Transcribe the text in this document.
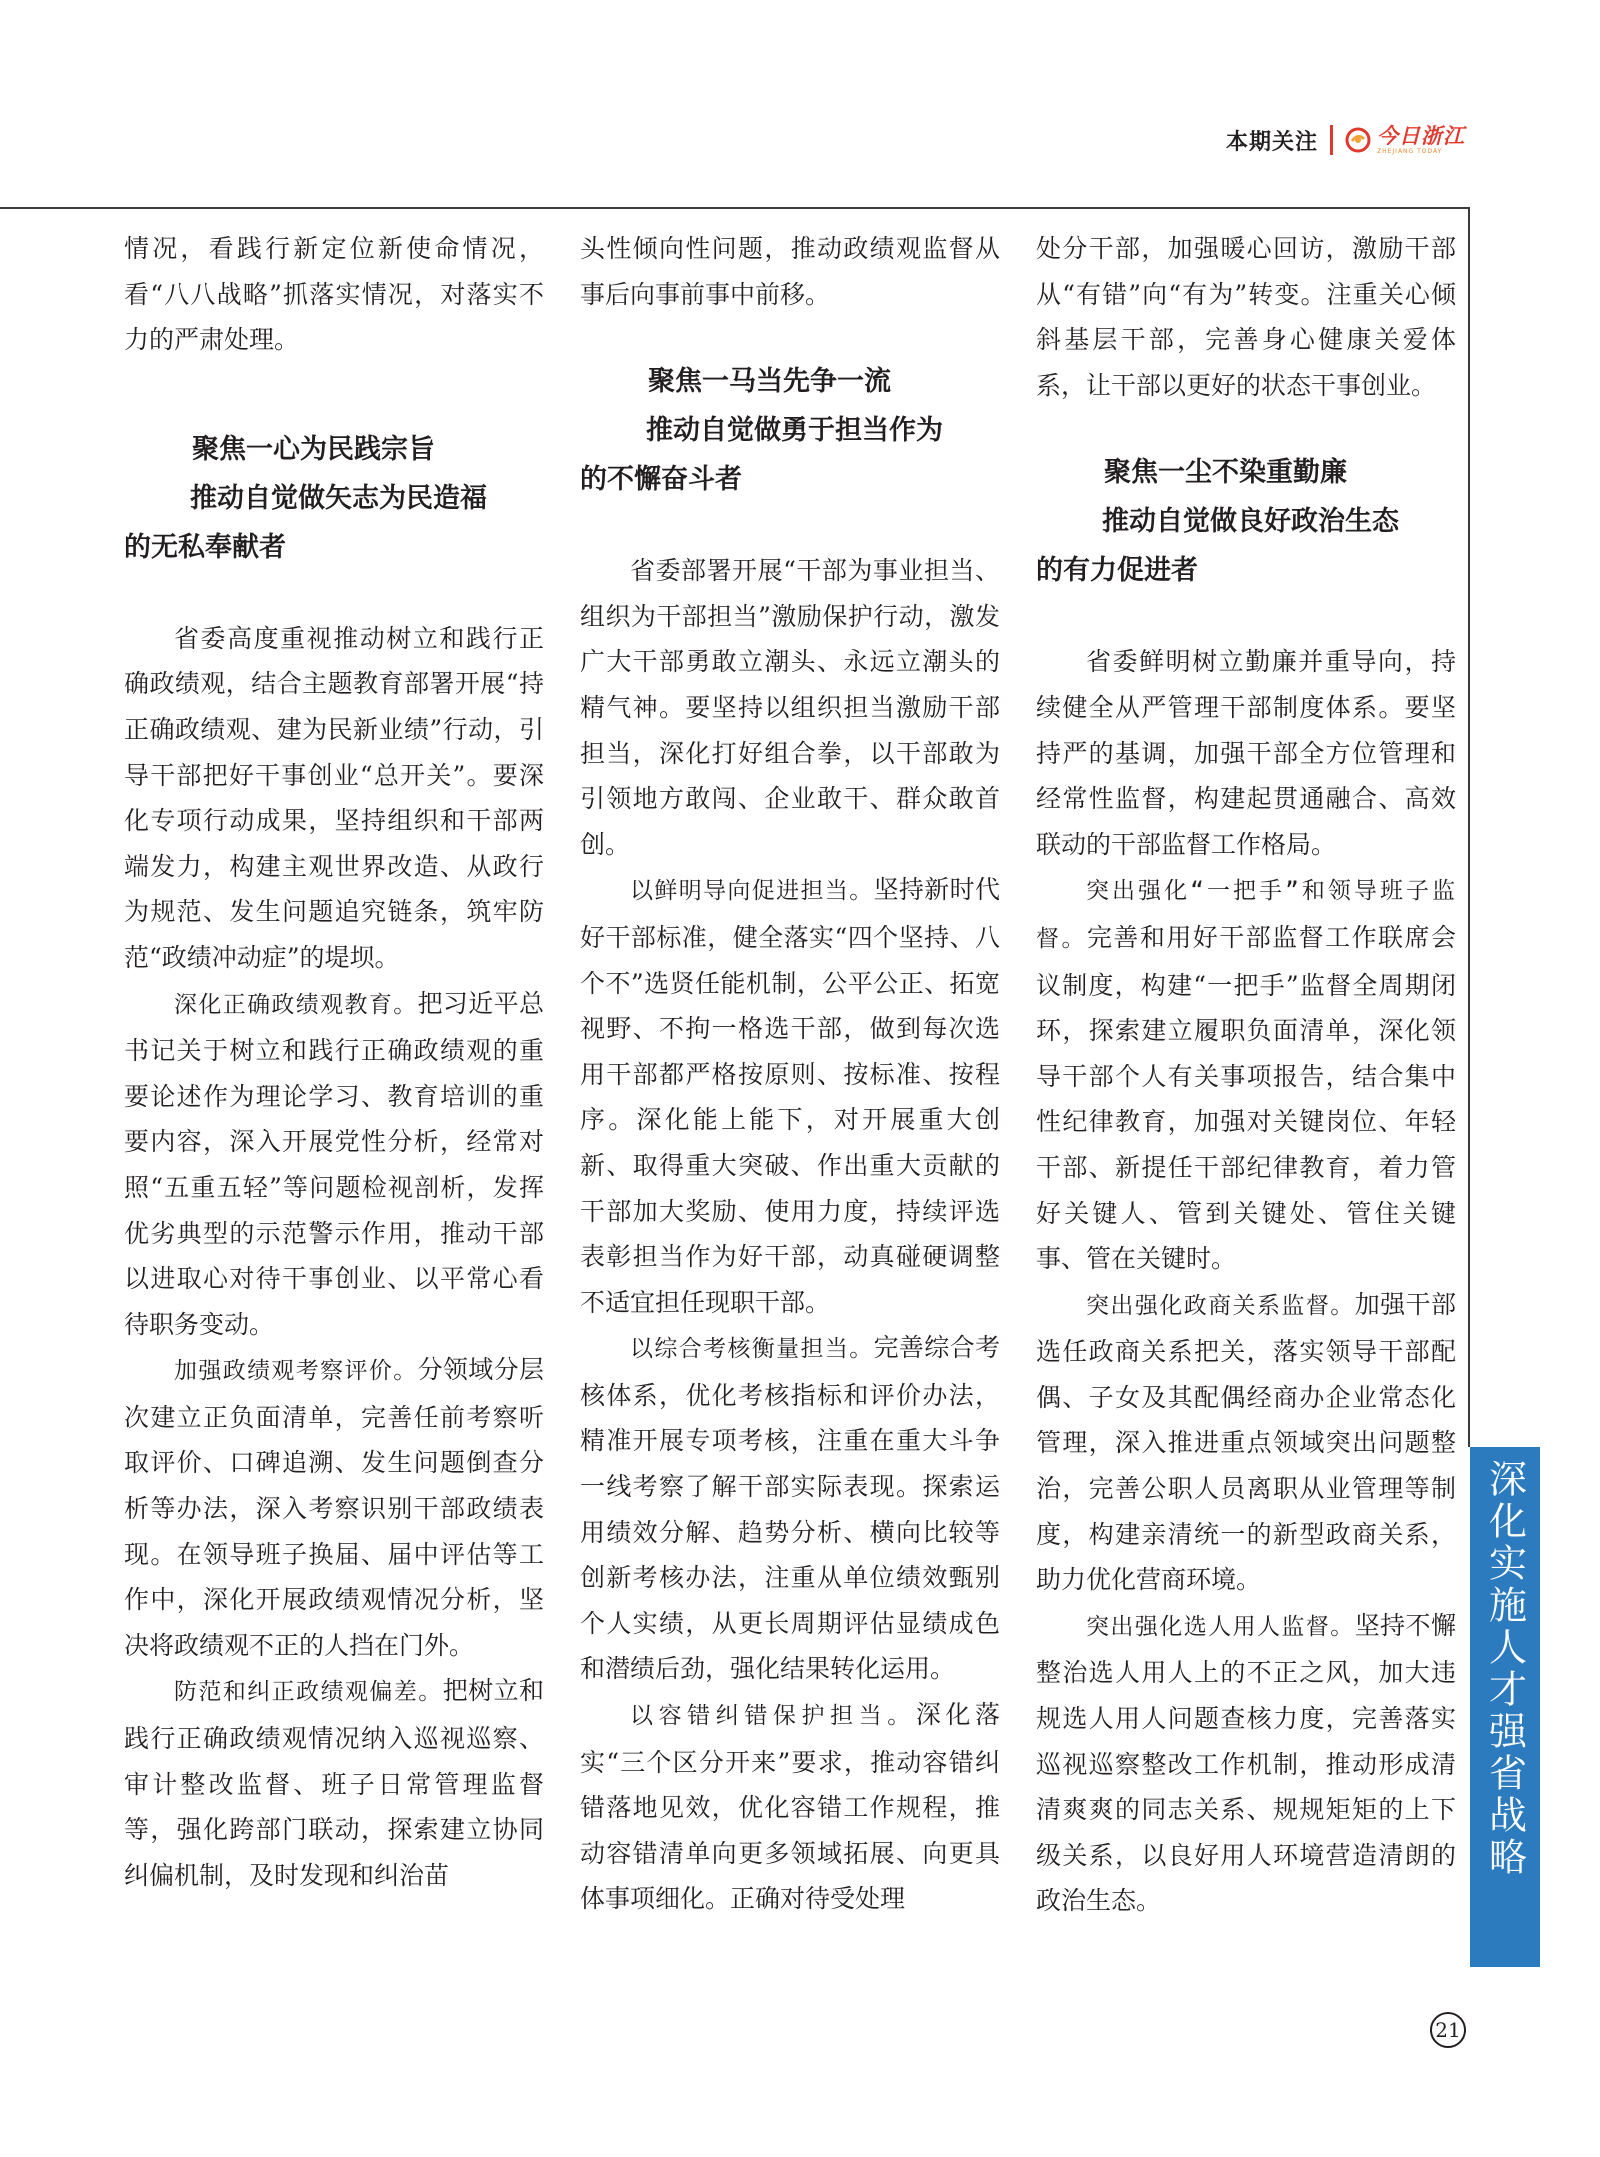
本期关注	今日浙江
ZHEJIANG TODAY

情况，看践行新定位新使命情况，看“八八战略”抓落实情况，对落实不力的严肃处理。

聚焦一心为民践宗旨
推动自觉做矢志为民造福
的无私奉献者

省委高度重视推动树立和践行正确政绩观，结合主题教育部署开展“持正确政绩观、建为民新业绩”行动，引导干部把好干事创业“总开关”。要深化专项行动成果，坚持组织和干部两端发力，构建主观世界改造、从政行为规范、发生问题追究链条，筑牢防范“政绩冲动症”的堤坝。

深化正确政绩观教育。把习近平总书记关于树立和践行正确政绩观的重要论述作为理论学习、教育培训的重要内容，深入开展党性分析，经常对照“五重五轻”等问题检视剖析，发挥优劣典型的示范警示作用，推动干部以进取心对待干事创业、以平常心看待职务变动。

加强政绩观考察评价。分领域分层次建立正负面清单，完善任前考察听取评价、口碑追溯、发生问题倒查分析等办法，深入考察识别干部政绩表现。在领导班子换届、届中评估等工作中，深化开展政绩观情况分析，坚决将政绩观不正的人挡在门外。

防范和纠正政绩观偏差。把树立和践行正确政绩观情况纳入巡视巡察、审计整改监督、班子日常管理监督等，强化跨部门联动，探索建立协同纠偏机制，及时发现和纠治苗

头性倾向性问题，推动政绩观监督从事后向事前事中前移。

聚焦一马当先争一流
推动自觉做勇于担当作为
的不懈奋斗者

省委部署开展“干部为事业担当、组织为干部担当”激励保护行动，激发广大干部勇敢立潮头、永远立潮头的精气神。要坚持以组织担当激励干部担当，深化打好组合拳，以干部敢为引领地方敢闯、企业敢干、群众敢首创。

以鲜明导向促进担当。坚持新时代好干部标准，健全落实“四个坚持、八个不”选贤任能机制，公平公正、拓宽视野、不拘一格选干部，做到每次选用干部都严格按原则、按标准、按程序。深化能上能下，对开展重大创新、取得重大突破、作出重大贡献的干部加大奖励、使用力度，持续评选表彰担当作为好干部，动真碰硬调整不适宜担任现职干部。

以综合考核衡量担当。完善综合考核体系，优化考核指标和评价办法，精准开展专项考核，注重在重大斗争一线考察了解干部实际表现。探索运用绩效分解、趋势分析、横向比较等创新考核办法，注重从单位绩效甄别个人实绩，从更长周期评估显绩成色和潜绩后劲，强化结果转化运用。

以容错纠错保护担当。深化落实“三个区分开来”要求，推动容错纠错落地见效，优化容错工作规程，推动容错清单向更多领域拓展、向更具体事项细化。正确对待受处理

处分干部，加强暖心回访，激励干部从“有错”向“有为”转变。注重关心倾斜基层干部，完善身心健康关爱体系，让干部以更好的状态干事创业。

聚焦一尘不染重勤廉
推动自觉做良好政治生态
的有力促进者

省委鲜明树立勤廉并重导向，持续健全从严管理干部制度体系。要坚持严的基调，加强干部全方位管理和经常性监督，构建起贯通融合、高效联动的干部监督工作格局。

突出强化“一把手”和领导班子监督。完善和用好干部监督工作联席会议制度，构建“一把手”监督全周期闭环，探索建立履职负面清单，深化领导干部个人有关事项报告，结合集中性纪律教育，加强对关键岗位、年轻干部、新提任干部纪律教育，着力管好关键人、管到关键处、管住关键事、管在关键时。

突出强化政商关系监督。加强干部选任政商关系把关，落实领导干部配偶、子女及其配偶经商办企业常态化管理，深入推进重点领域突出问题整治，完善公职人员离职从业管理等制度，构建亲清统一的新型政商关系，助力优化营商环境。

突出强化选人用人监督。坚持不懈整治选人用人上的不正之风，加大违规选人用人问题查核力度，完善落实巡视巡察整改工作机制，推动形成清清爽爽的同志关系、规规矩矩的上下级关系，以良好用人环境营造清朗的政治生态。

深化实施人才强省战略
21
